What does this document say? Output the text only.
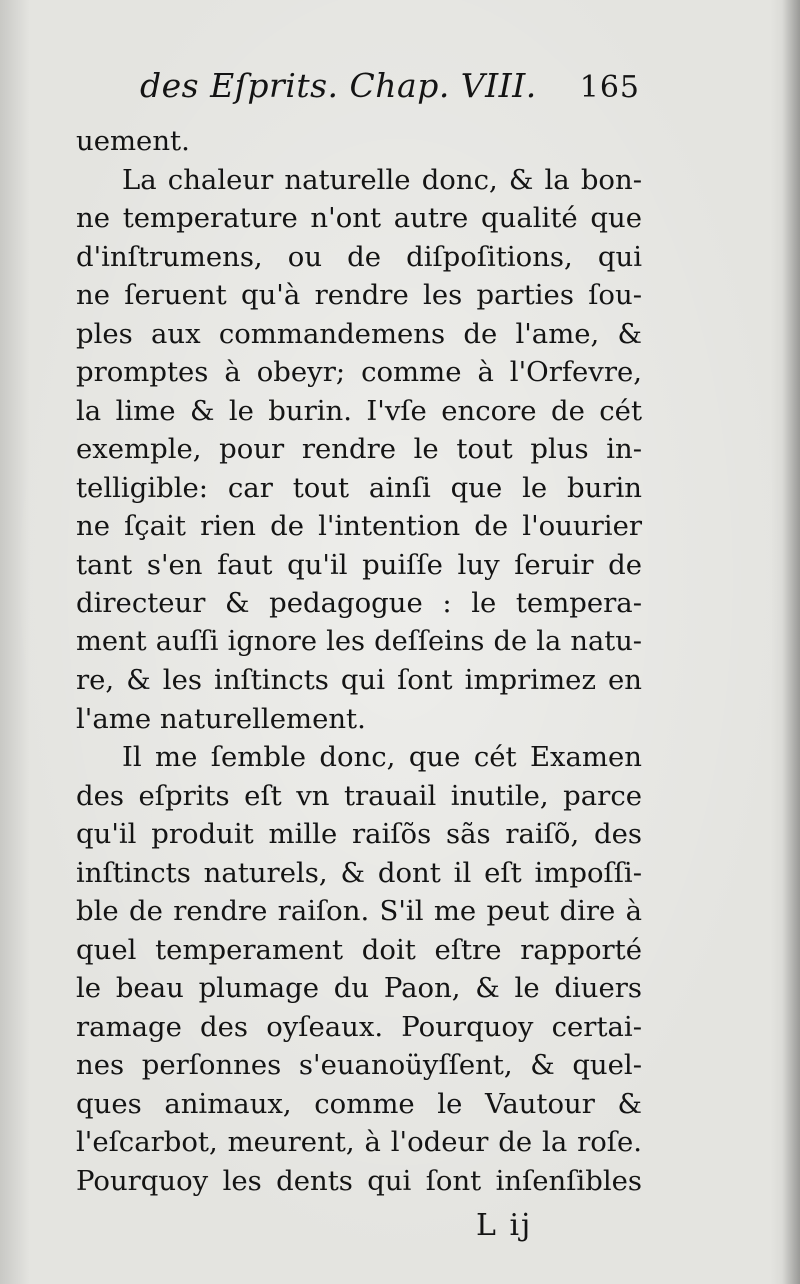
des Eſprits. Chap. VIII. 165
uement.
La chaleur naturelle donc, & la bon-
ne temperature n'ont autre qualité que
d'inſtrumens, ou de diſpoſitions, qui
ne ſeruent qu'à rendre les parties ſou-
ples aux commandemens de l'ame, &
promptes à obeyr; comme à l'Orfevre,
la lime & le burin. I'vſe encore de cét
exemple, pour rendre le tout plus in-
telligible: car tout ainſi que le burin
ne ſçait rien de l'intention de l'ouurier
tant s'en faut qu'il puiſſe luy ſeruir de
directeur & pedagogue : le tempera-
ment auſſi ignore les deſſeins de la natu-
re, & les inſtincts qui ſont imprimez en
l'ame naturellement.
Il me ſemble donc, que cét Examen
des eſprits eſt vn trauail inutile, parce
qu'il produit mille raiſõs sãs raiſõ, des
inſtincts naturels, & dont il eſt impoſſi-
ble de rendre raiſon. S'il me peut dire à
quel temperament doit eſtre rapporté
le beau plumage du Paon, & le diuers
ramage des oyſeaux. Pourquoy certai-
nes perſonnes s'euanoüyſſent, & quel-
ques animaux, comme le Vautour &
l'eſcarbot, meurent, à l'odeur de la roſe.
Pourquoy les dents qui ſont inſenſibles
L ij
